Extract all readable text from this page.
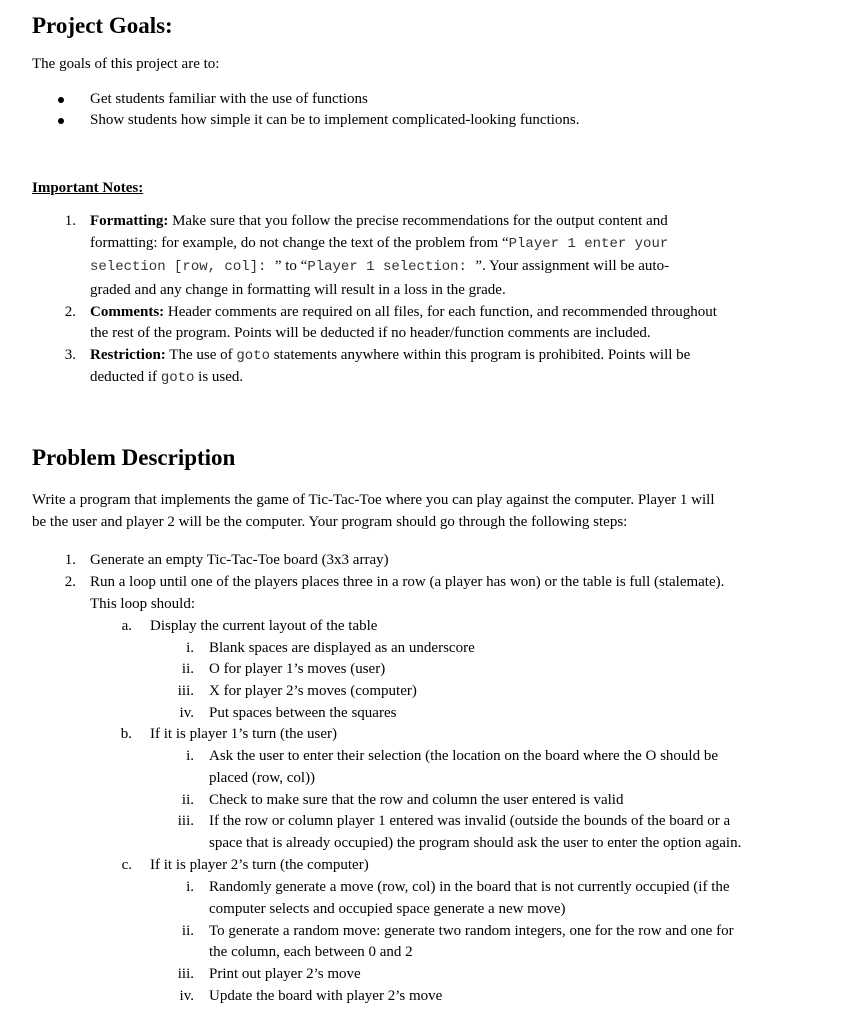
Project Goals:

The goals of this project are to:

Get students familiar with the use of functions

Show students how simple it can be to implement complicated-looking functions.

Important Notes:

1. Formatting: Make sure that you follow the precise recommendations for the output content and

formatting: for example, do not change the text of the problem from “Player 1 enter your

selection [row, col]: ” to “Player 1 selection: ”. Your assignment will be auto-

graded and any change in formatting will result in a loss in the grade.

2. Comments: Header comments are required on all files, for each function, and recommended throughout

the rest of the program. Points will be deducted if no header/function comments are included.

3. Restriction: The use of goto statements anywhere within this program is prohibited. Points will be

deducted if goto is used.

Problem Description

Write a program that implements the game of Tic-Tac-Toe where you can play against the computer. Player 1 will

be the user and player 2 will be the computer. Your program should go through the following steps:

1. Generate an empty Tic-Tac-Toe board (3x3 array)

2. Run a loop until one of the players places three in a row (a player has won) or the table is full (stalemate).

This loop should:

a. Display the current layout of the table

i. Blank spaces are displayed as an underscore

ii. O for player 1’s moves (user)

iii. X for player 2’s moves (computer)

iv. Put spaces between the squares

b. If it is player 1’s turn (the user)

i. Ask the user to enter their selection (the location on the board where the O should be

placed (row, col))

ii. Check to make sure that the row and column the user entered is valid

iii. If the row or column player 1 entered was invalid (outside the bounds of the board or a

space that is already occupied) the program should ask the user to enter the option again.

c. If it is player 2’s turn (the computer)

i. Randomly generate a move (row, col) in the board that is not currently occupied (if the

computer selects and occupied space generate a new move)

ii. To generate a random move: generate two random integers, one for the row and one for

the column, each between 0 and 2

iii. Print out player 2’s move

iv. Update the board with player 2’s move
